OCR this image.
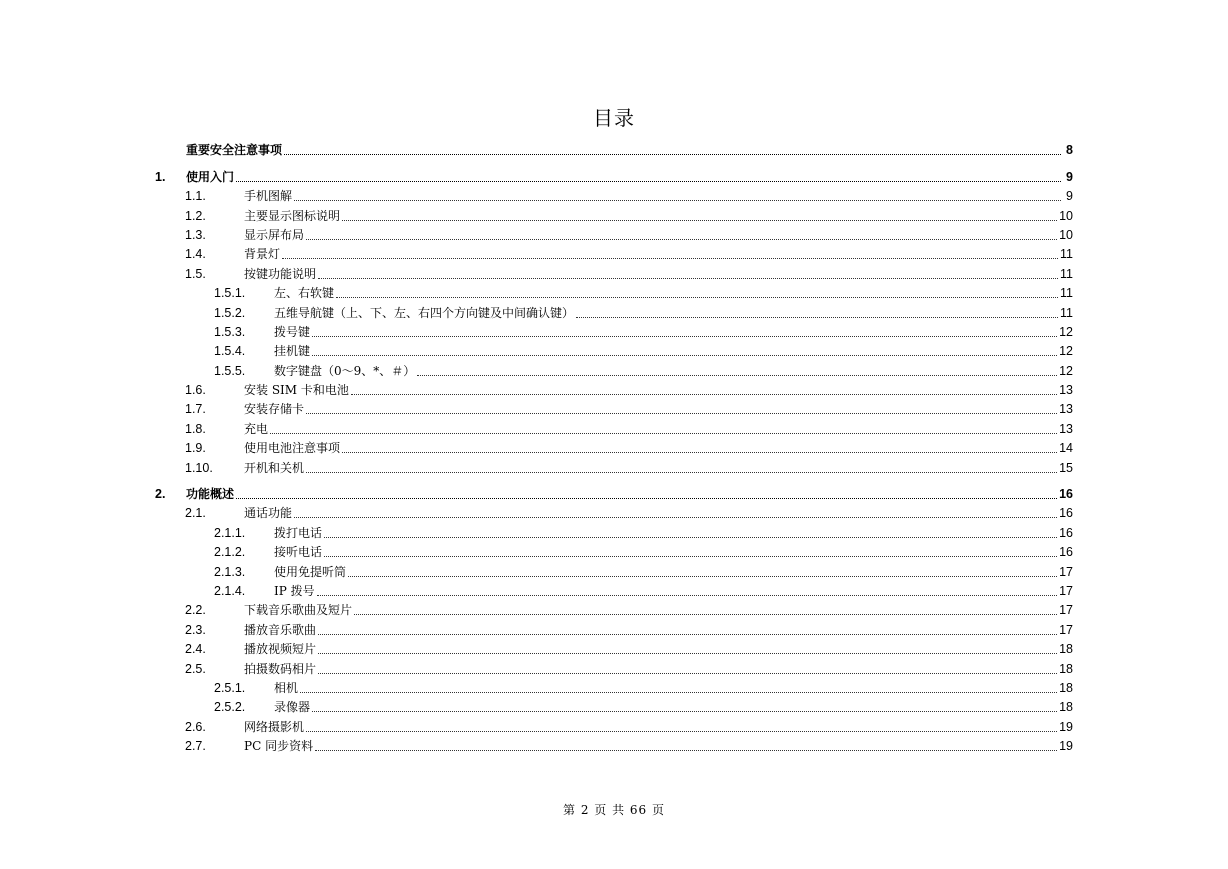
目录
重要安全注意事项	8
1.	使用入门	9
1.1.	手机图解	9
1.2.	主要显示图标说明	10
1.3.	显示屏布局	10
1.4.	背景灯	11
1.5.	按键功能说明	11
1.5.1.	左、右软键	11
1.5.2.	五维导航键（上、下、左、右四个方向键及中间确认键）	11
1.5.3.	拨号键	12
1.5.4.	挂机键	12
1.5.5.	数字键盘（0～9、*、＃）	12
1.6.	安装 SIM 卡和电池	13
1.7.	安装存储卡	13
1.8.	充电	13
1.9.	使用电池注意事项	14
1.10.	开机和关机	15
2.	功能概述	16
2.1.	通话功能	16
2.1.1.	拨打电话	16
2.1.2.	接听电话	16
2.1.3.	使用免提听筒	17
2.1.4.	IP 拨号	17
2.2.	下载音乐歌曲及短片	17
2.3.	播放音乐歌曲	17
2.4.	播放视频短片	18
2.5.	拍摄数码相片	18
2.5.1.	相机	18
2.5.2.	录像器	18
2.6.	网络摄影机	19
2.7.	PC 同步资料	19
第 2 页 共 66 页
